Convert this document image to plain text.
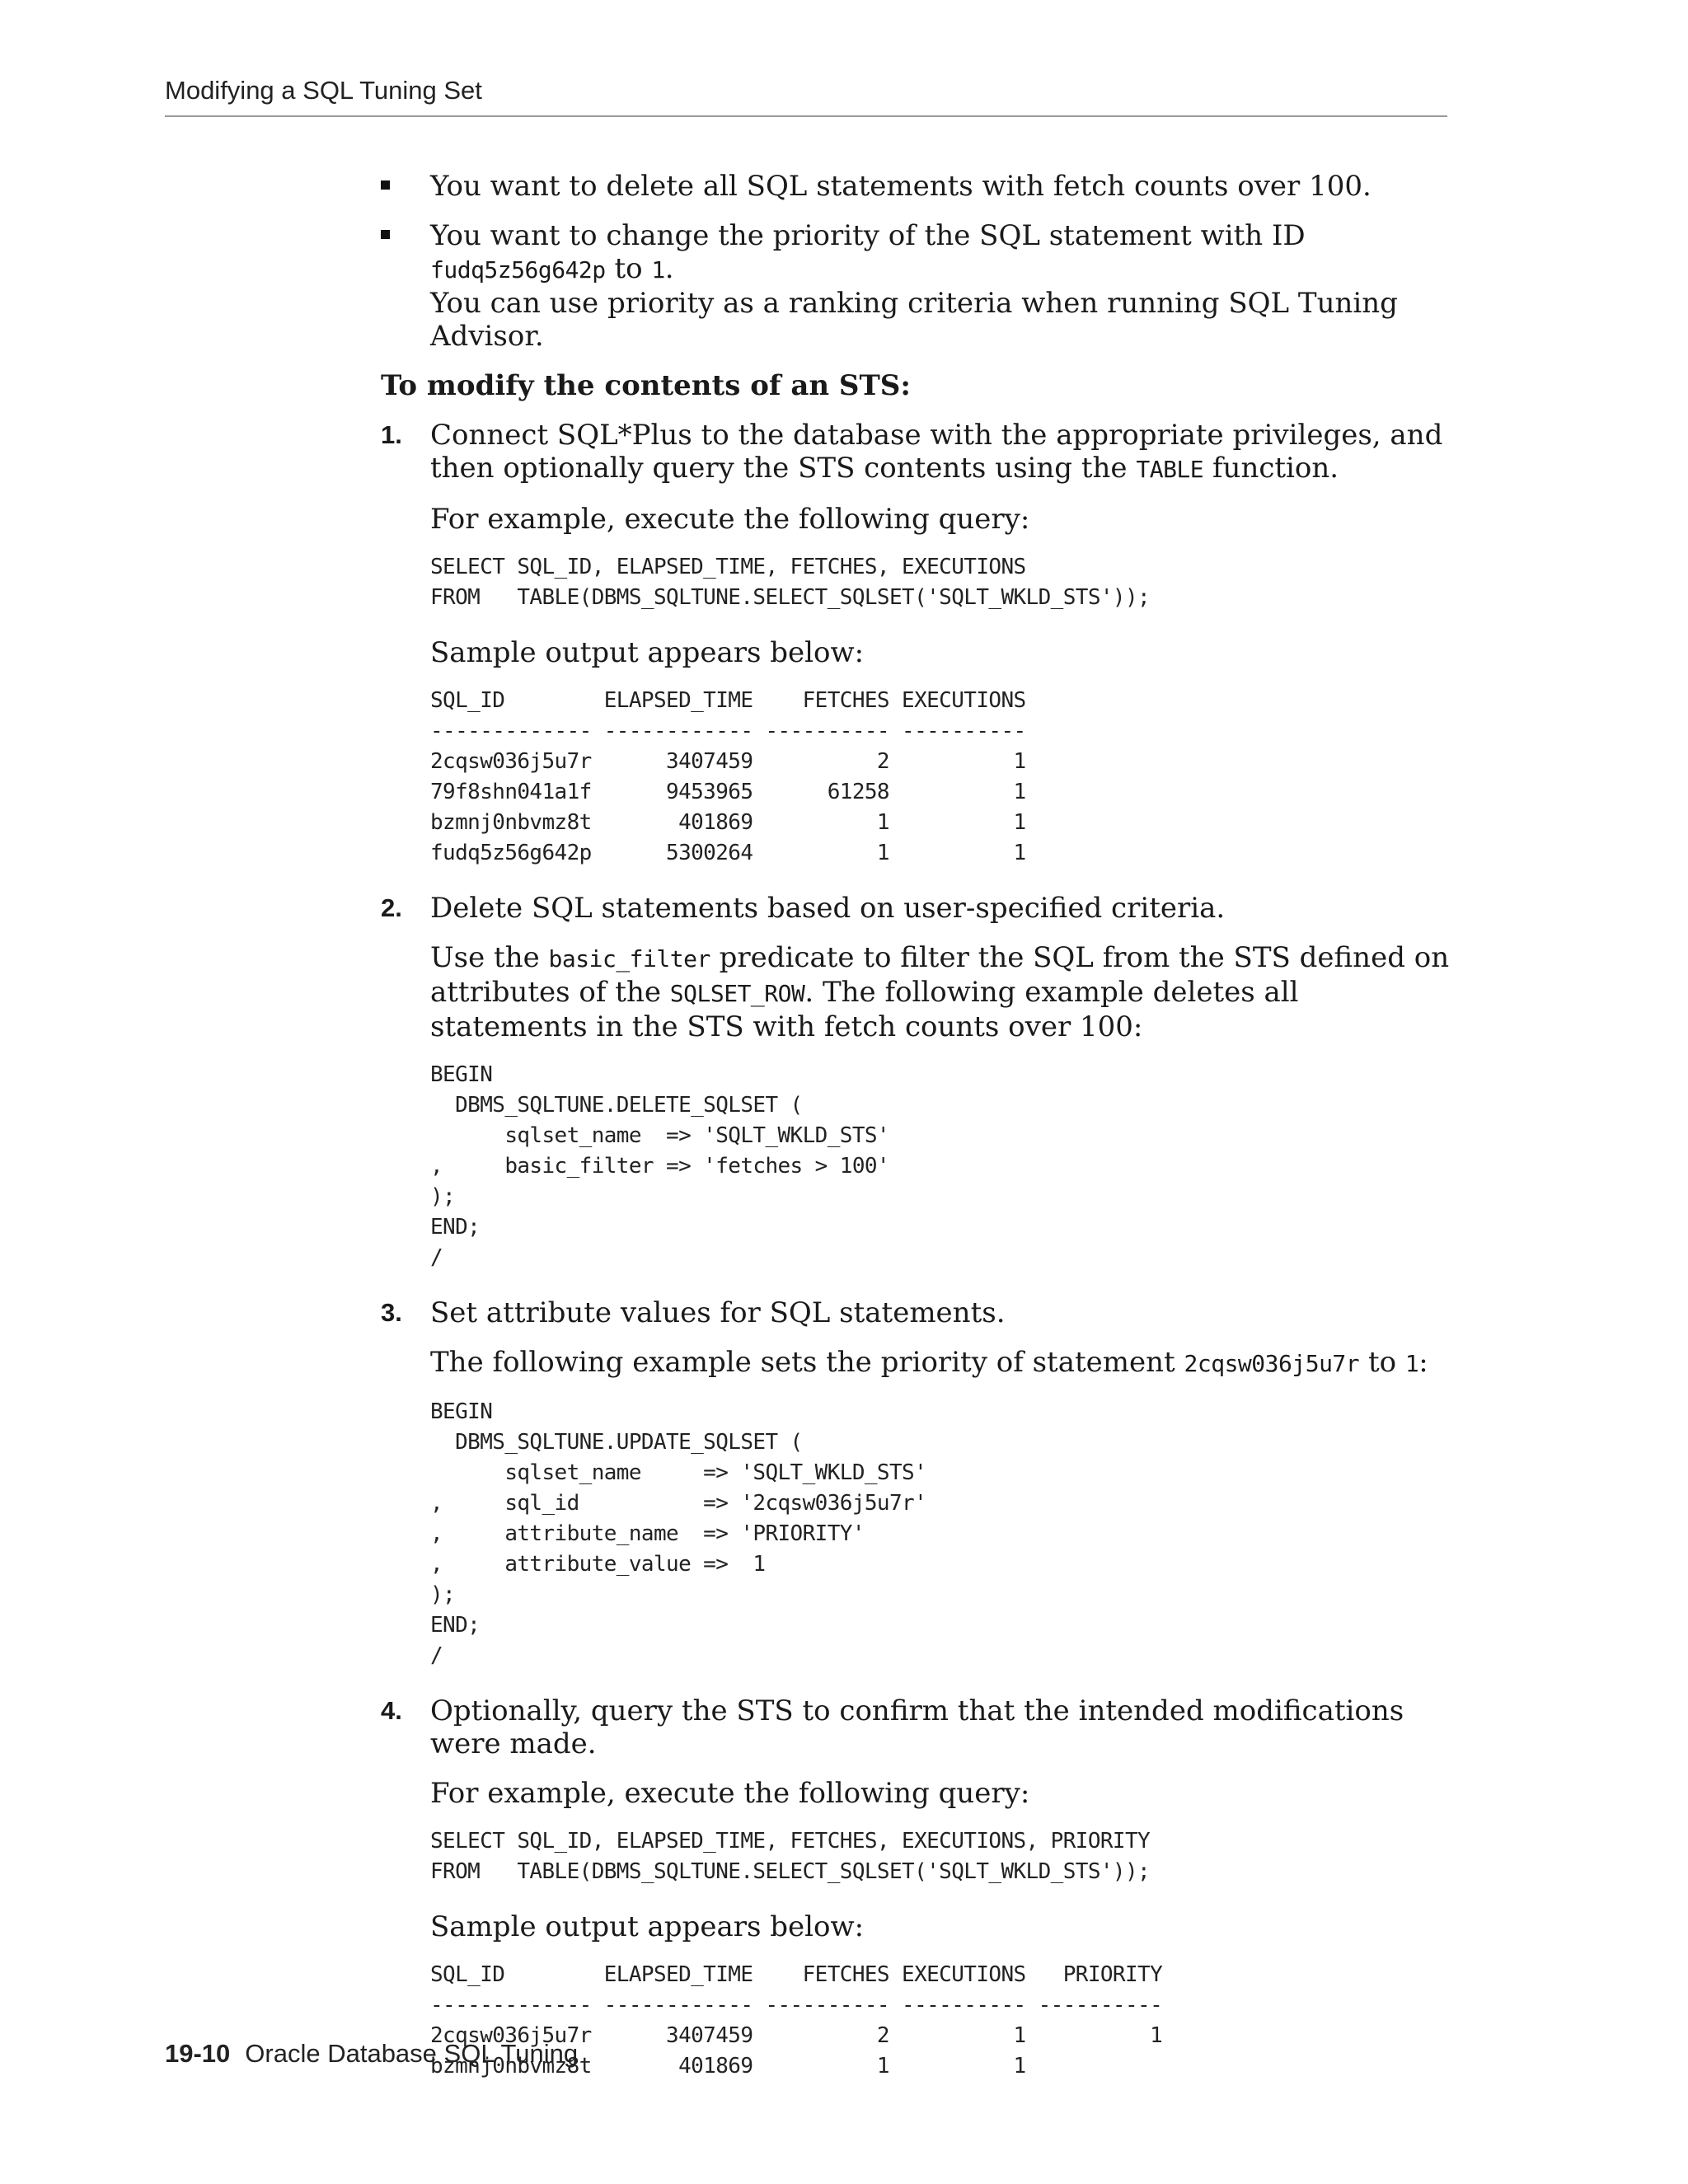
Modifying a SQL Tuning Set
You want to delete all SQL statements with fetch counts over 100.
You want to change the priority of the SQL statement with ID fudq5z56g642p to 1.
You can use priority as a ranking criteria when running SQL Tuning Advisor.
To modify the contents of an STS:
1. Connect SQL*Plus to the database with the appropriate privileges, and then optionally query the STS contents using the TABLE function.
For example, execute the following query:
SELECT SQL_ID, ELAPSED_TIME, FETCHES, EXECUTIONS
FROM   TABLE(DBMS_SQLTUNE.SELECT_SQLSET('SQLT_WKLD_STS'));
Sample output appears below:
SQL_ID        ELAPSED_TIME    FETCHES EXECUTIONS
------------- ------------ ---------- ----------
2cqsw036j5u7r      3407459          2          1
79f8shn041a1f      9453965      61258          1
bzmnj0nbvmz8t       401869          1          1
fudq5z56g642p      5300264          1          1
2. Delete SQL statements based on user-specified criteria.
Use the basic_filter predicate to filter the SQL from the STS defined on attributes of the SQLSET_ROW. The following example deletes all statements in the STS with fetch counts over 100:
BEGIN
DBMS_SQLTUNE.DELETE_SQLSET (
sqlset_name  => 'SQLT_WKLD_STS'
,     basic_filter => 'fetches > 100'
);
END;
/
3. Set attribute values for SQL statements.
The following example sets the priority of statement 2cqsw036j5u7r to 1:
BEGIN
DBMS_SQLTUNE.UPDATE_SQLSET (
sqlset_name     => 'SQLT_WKLD_STS'
,     sql_id          => '2cqsw036j5u7r'
,     attribute_name  => 'PRIORITY'
,     attribute_value =>  1
);
END;
/
4. Optionally, query the STS to confirm that the intended modifications were made.
For example, execute the following query:
SELECT SQL_ID, ELAPSED_TIME, FETCHES, EXECUTIONS, PRIORITY
FROM   TABLE(DBMS_SQLTUNE.SELECT_SQLSET('SQLT_WKLD_STS'));
Sample output appears below:
SQL_ID        ELAPSED_TIME    FETCHES EXECUTIONS   PRIORITY
------------- ------------ ---------- ---------- ----------
2cqsw036j5u7r      3407459          2          1          1
bzmnj0nbvmz8t       401869          1          1
19-10 Oracle Database SQL Tuning
